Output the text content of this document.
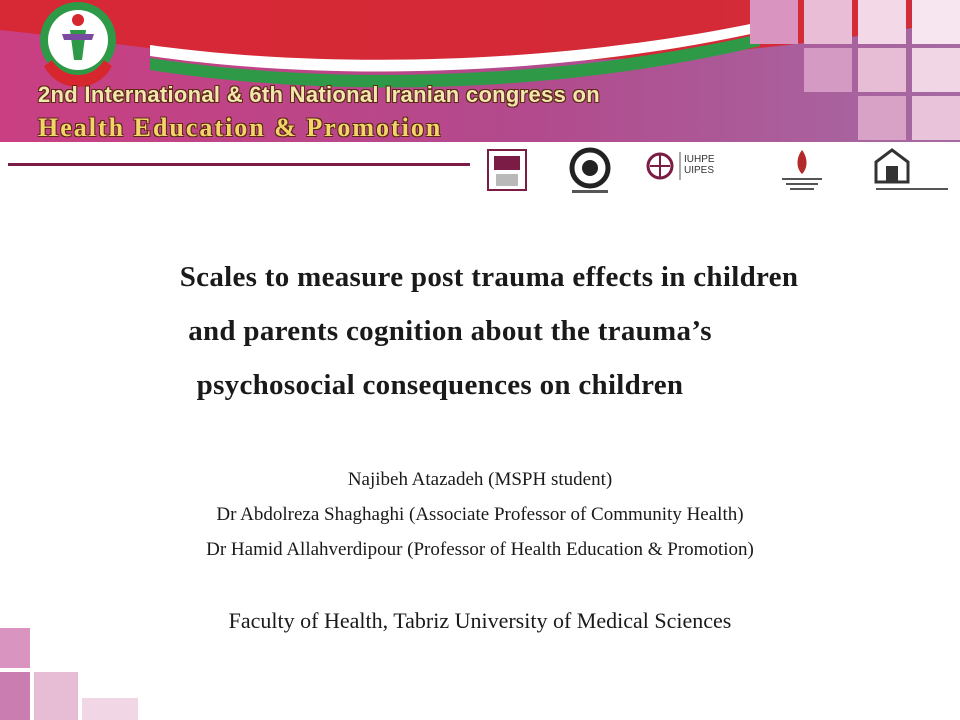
2nd International & 6th National Iranian congress on

Health Education & Promotion

IUHPE
UIPES
Scales to measure post trauma effects in children
and parents cognition about the trauma’s
psychosocial consequences on children
Najibeh Atazadeh (MSPH student)
Dr Abdolreza Shaghaghi (Associate Professor of Community Health)
Dr Hamid Allahverdipour (Professor of Health Education & Promotion)

Faculty of Health, Tabriz University of Medical Sciences
